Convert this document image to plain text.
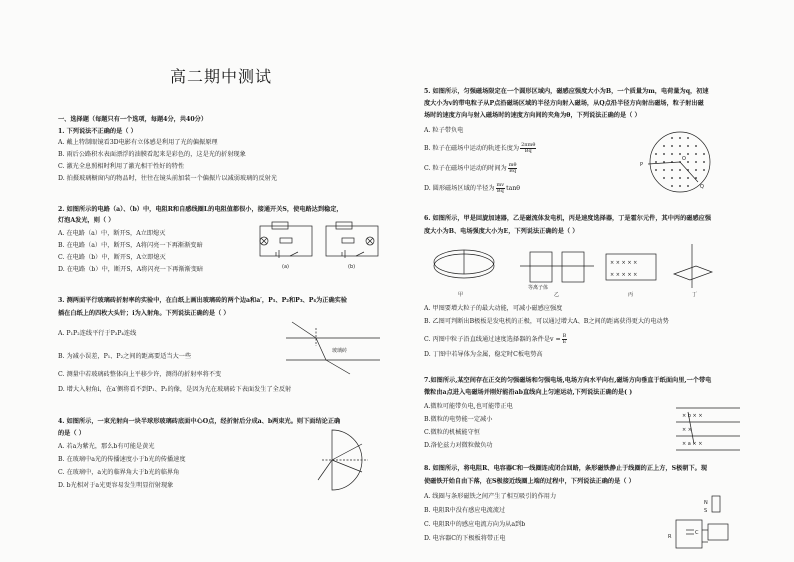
高二期中测试
一、选择题（每题只有一个选项，每题4分，共40分）
1. 下列说法不正确的是（ ）
A. 戴上特制眼镜看3D电影有立体感是利用了光的偏振原理
B. 雨后公路积水表面漂浮的油膜看起来是彩色的，这是光的折射现象
C. 激光全息照相时利用了激光相干性好的特性
D. 拍摄玻璃橱窗内的物品时，往往在镜头前加装一个偏振片以减弱玻璃的反射光
2. 如图所示的电路（a）、（b）中，电阻R和自感线圈L的电阻值都很小，接通开关S，使电路达到稳定，
灯泡A发光，则（ ）
A. 在电路（a）中，断开S，A立即熄灭
B. 在电路（a）中，断开S，A将闪亮一下再渐渐变暗
C. 在电路（b）中，断开S，A立即熄灭
D. 在电路（b）中，断开S，A将闪亮一下再渐渐变暗	(a)	(b)
3. 测两面平行玻璃砖折射率的实验中，在白纸上画出玻璃砖的两个边a和a′，P₁、P₂和P₃、P₄为正确实验
插在白纸上的四枚大头针；i为入射角。下列说法正确的是（ ）
A. P₁P₂连线平行于P₃P₄连线
B. 为减小误差，P₁、P₂之间的距离要适当大一些
C. 测量中若玻璃砖整体向上平移少许，测得的折射率将不变
D. 增大入射角i，在a′侧将看不到P₁、P₂的像，是因为光在玻璃砖下表面发生了全反射
玻璃砖
4. 如图所示，一束光射向一块半球形玻璃砖底面中心O点，经折射后分成a、b两束光。则下面结论正确
的是（ ）
A. 若a为紫光，那么b有可能是黄光
B. 在玻璃中a光的传播速度小于b光的传播速度
C. 在玻璃中，a光的临界角大于b光的临界角
D. b光相对于a光更容易发生明显衍射现象
5. 如图所示，匀强磁场限定在一个圆形区域内，磁感应强度大小为B，一个质量为m，电荷量为q，初速
度大小为v的带电粒子从P点沿磁场区域的半径方向射入磁场，从Q点沿半径方向射出磁场，粒子射出磁
场时的速度方向与射入磁场时的速度方向间的夹角为θ，下列说法正确的是（ ）
A. 粒子带负电
B. 粒子在磁场中运动的轨迹长度为 $\frac{\text{2πmθ}}{Bq}$
C. 粒子在磁场中运动的时间为 $\frac{m\theta}{Bq}$
D. 圆形磁场区域的半径为 $\frac{mv}{Bq}\tan\theta$
P
Q
O
6. 如图所示，甲是回旋加速器，乙是磁流体发电机，丙是速度选择器，丁是霍尔元件，其中丙的磁感应强
度大小为B、电场强度大小为E，下列说法正确的是（ ）
× × × × ×
× × × × ×
甲	乙
等离子体
丙	丁
A. 甲图要增大粒子的最大动能，可减小磁感应强度
B. 乙图可判断出B极板是发电机的正极，可以通过增大A、B之间的距离获得更大的电动势
C. 丙图中粒子沿直线通过速度选择器的条件是$v = \frac{B}{E}$
D. 丁图中若导体为金属，稳定时C板电势高
7.如图所示,某空间存在正交的匀强磁场和匀强电场,电场方向水平向右,磁场方向垂直于纸面向里,一个带电
微粒由a点进入电磁场并刚好能沿ab直线向上匀速运动,下列说法正确的是( )
A.微粒可能带负电,也可能带正电
B.微粒的电势能一定减小
C.微粒的机械能守恒
D.洛伦兹力对微粒做负功
× b × ×
× ×
× a × ×
8. 如图所示，将电阻R、电容器C和一线圈连成闭合回路，条形磁铁静止于线圈的正上方，S极朝下。现
使磁铁开始自由下落，在S极接近线圈上端的过程中，下列说法正确的是（ ）
A. 线圈与条形磁铁之间产生了相互吸引的作用力
B. 电阻R中没有感应电流流过
C. 电阻R中的感应电流方向为从a到b
D. 电容器C的下极板将带正电
N
S
R
C
